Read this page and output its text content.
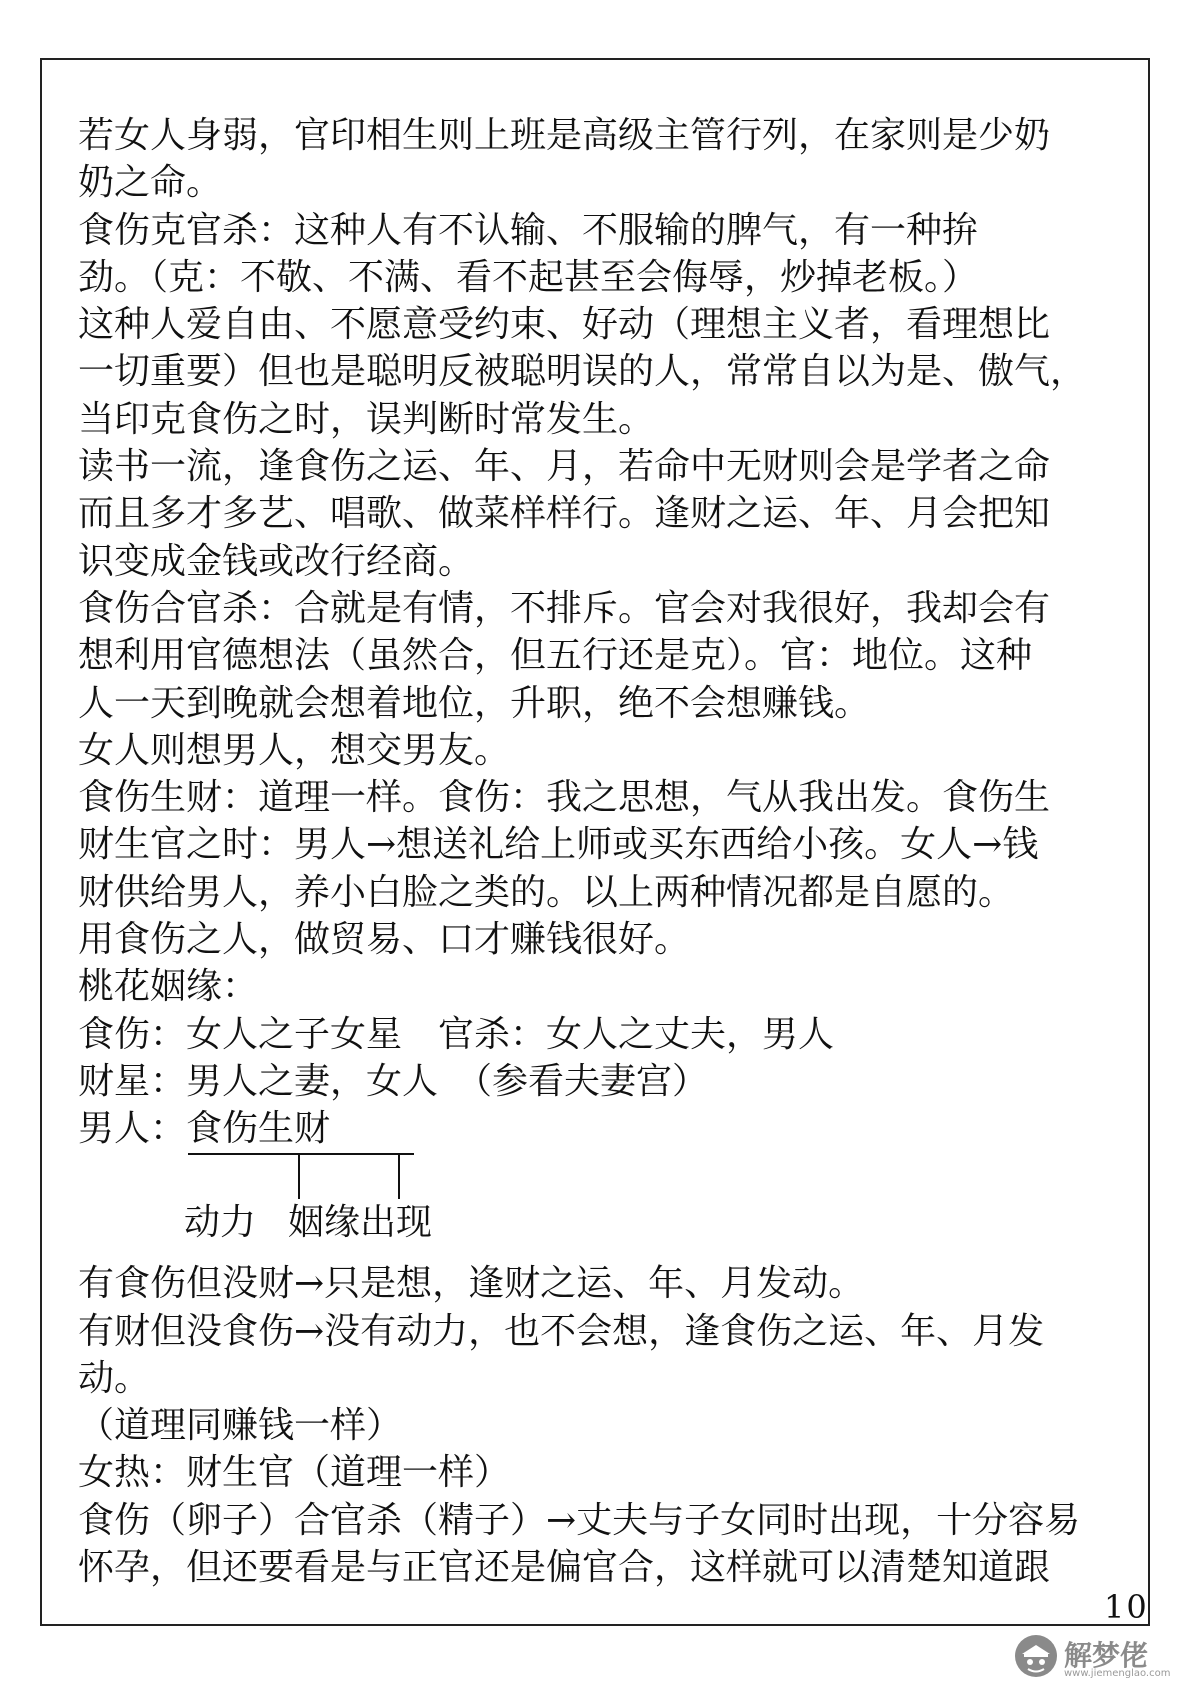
若女人身弱，官印相生则上班是高级主管行列，在家则是少奶
奶之命。
食伤克官杀：这种人有不认输、不服输的脾气，有一种拚
劲。（克：不敬、不满、看不起甚至会侮辱，炒掉老板。）
这种人爱自由、不愿意受约束、好动（理想主义者，看理想比
一切重要）但也是聪明反被聪明误的人，常常自以为是、傲气，
当印克食伤之时，误判断时常发生。
读书一流，逢食伤之运、年、月，若命中无财则会是学者之命
而且多才多艺、唱歌、做菜样样行。逢财之运、年、月会把知
识变成金钱或改行经商。
食伤合官杀：合就是有情，不排斥。官会对我很好，我却会有
想利用官德想法（虽然合，但五行还是克）。官：地位。这种
人一天到晚就会想着地位，升职，绝不会想赚钱。
女人则想男人，想交男友。
食伤生财：道理一样。食伤：我之思想，气从我出发。食伤生
财生官之时：男人→想送礼给上师或买东西给小孩。女人→钱
财供给男人，养小白脸之类的。以上两种情况都是自愿的。
用食伤之人，做贸易、口才赚钱很好。
桃花姻缘：
食伤：女人之子女星　官杀：女人之丈夫，男人
财星：男人之妻，女人　（参看夫妻宫）
男人：食伤生财
动力 姻缘出现
有食伤但没财→只是想，逢财之运、年、月发动。
有财但没食伤→没有动力，也不会想，逢食伤之运、年、月发
动。
（道理同赚钱一样）
女热：财生官（道理一样）
食伤（卵子）合官杀（精子）→丈夫与子女同时出现，十分容易
怀孕，但还要看是与正官还是偏官合，这样就可以清楚知道跟
10
解梦佬
www.jiemenglao.com
